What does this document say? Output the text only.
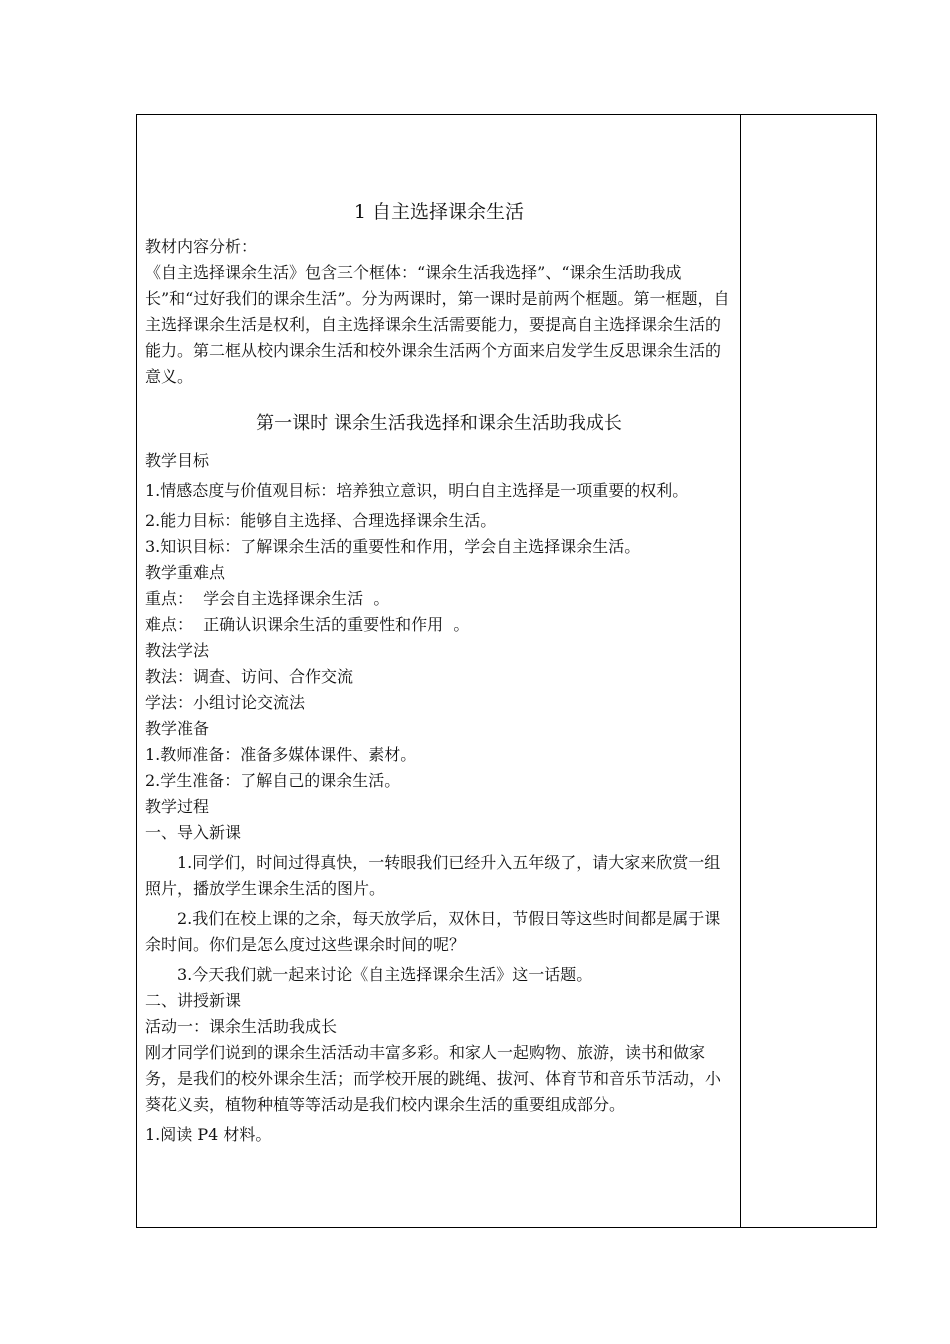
1 自主选择课余生活

教材内容分析：

《自主选择课余生活》包含三个框体：“课余生活我选择”、“课余生活助我成长”和“过好我们的课余生活”。分为两课时，第一课时是前两个框题。第一框题，自主选择课余生活是权利，自主选择课余生活需要能力，要提高自主选择课余生活的能力。第二框从校内课余生活和校外课余生活两个方面来启发学生反思课余生活的意义。

第一课时 课余生活我选择和课余生活助我成长

教学目标

1.情感态度与价值观目标：培养独立意识，明白自主选择是一项重要的权利。

2.能力目标：能够自主选择、合理选择课余生活。

3.知识目标：了解课余生活的重要性和作用，学会自主选择课余生活。

教学重难点

重点：  学会自主选择课余生活  。

难点：  正确认识课余生活的重要性和作用  。

教法学法

教法：调查、访问、合作交流

学法：小组讨论交流法

教学准备

1.教师准备：准备多媒体课件、素材。

2.学生准备：了解自己的课余生活。

教学过程

一、导入新课

1.同学们，时间过得真快，一转眼我们已经升入五年级了，请大家来欣赏一组照片，播放学生课余生活的图片。

2.我们在校上课的之余，每天放学后，双休日，节假日等这些时间都是属于课余时间。你们是怎么度过这些课余时间的呢？

3.今天我们就一起来讨论《自主选择课余生活》这一话题。

二、讲授新课

活动一：课余生活助我成长

刚才同学们说到的课余生活活动丰富多彩。和家人一起购物、旅游，读书和做家务，是我们的校外课余生活；而学校开展的跳绳、拔河、体育节和音乐节活动，小葵花义卖，植物种植等等活动是我们校内课余生活的重要组成部分。

1.阅读 P4 材料。
